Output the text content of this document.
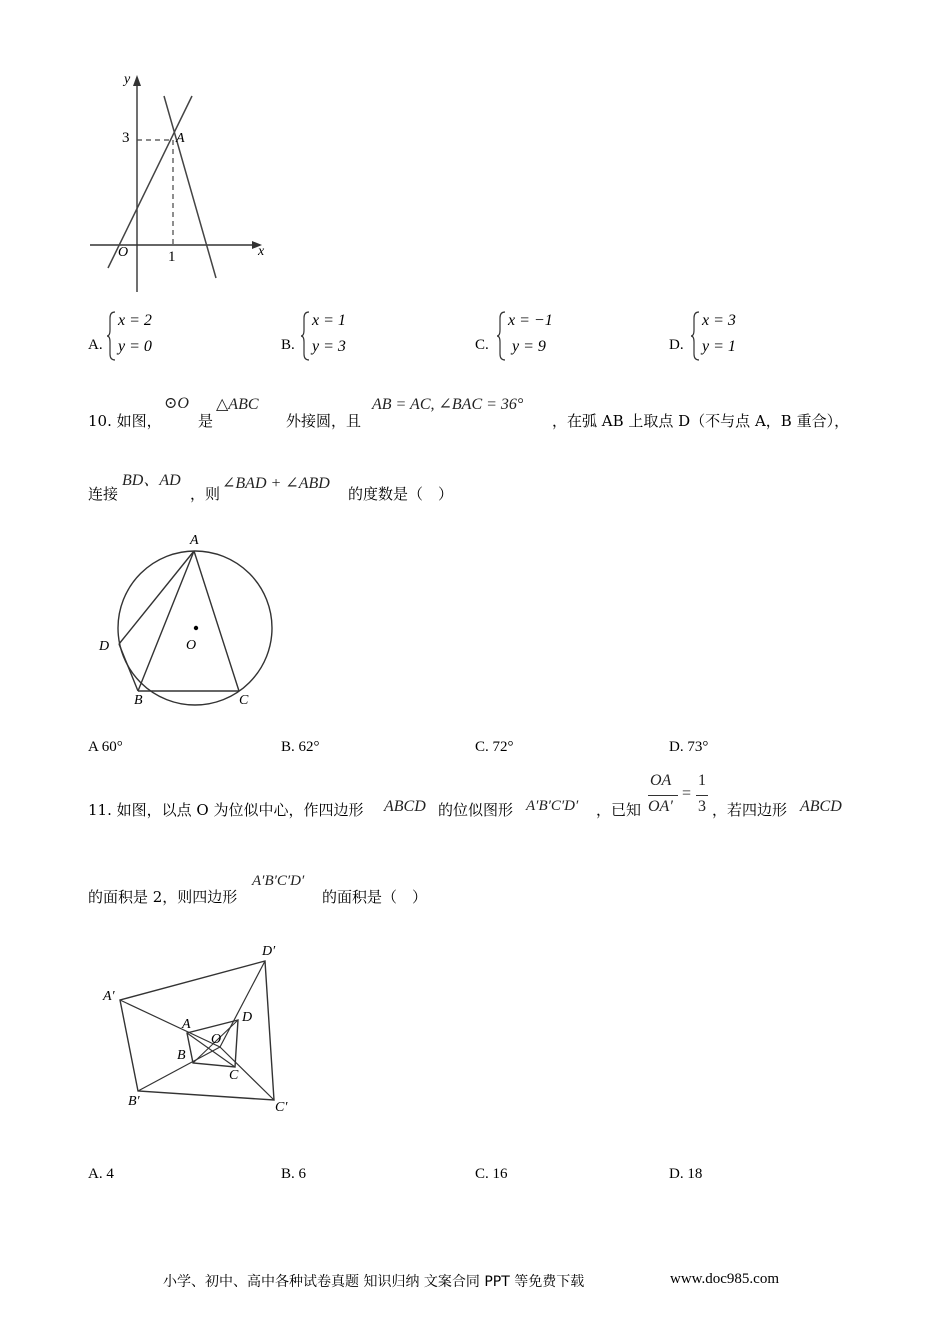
y
x
3	A
O	1
A.
x = 2
y = 0	B.
x = 1
y = 3	C.
x = −1
y = 9	D.
x = 3
y = 1
10. 如图，
⊙O
是
△ABC
外接圆，且
AB = AC, ∠BAC = 36°
，在弧 AB 上取点 D（不与点 A，B 重合），
连接
BD、AD
，则
∠BAD + ∠ABD
的度数是（　）
A
D	O
B	C
A 60°	B. 62°	C. 72°	D. 73°
11. 如图，以点 O 为位似中心，作四边形 ABCD 的位似图形 A′B′C′D′ ，已知
OA
OA′
=
1
3 ，若四边形 ABCD
的面积是 2，则四边形
A′B′C′D′
的面积是（　）
D′
A′
A	D
O
B
C
B′	C′
A. 4	B. 6	C. 16	D. 18
小学、初中、高中各种试卷真题 知识归纳 文案合同 PPT 等免费下载	www.doc985.com
